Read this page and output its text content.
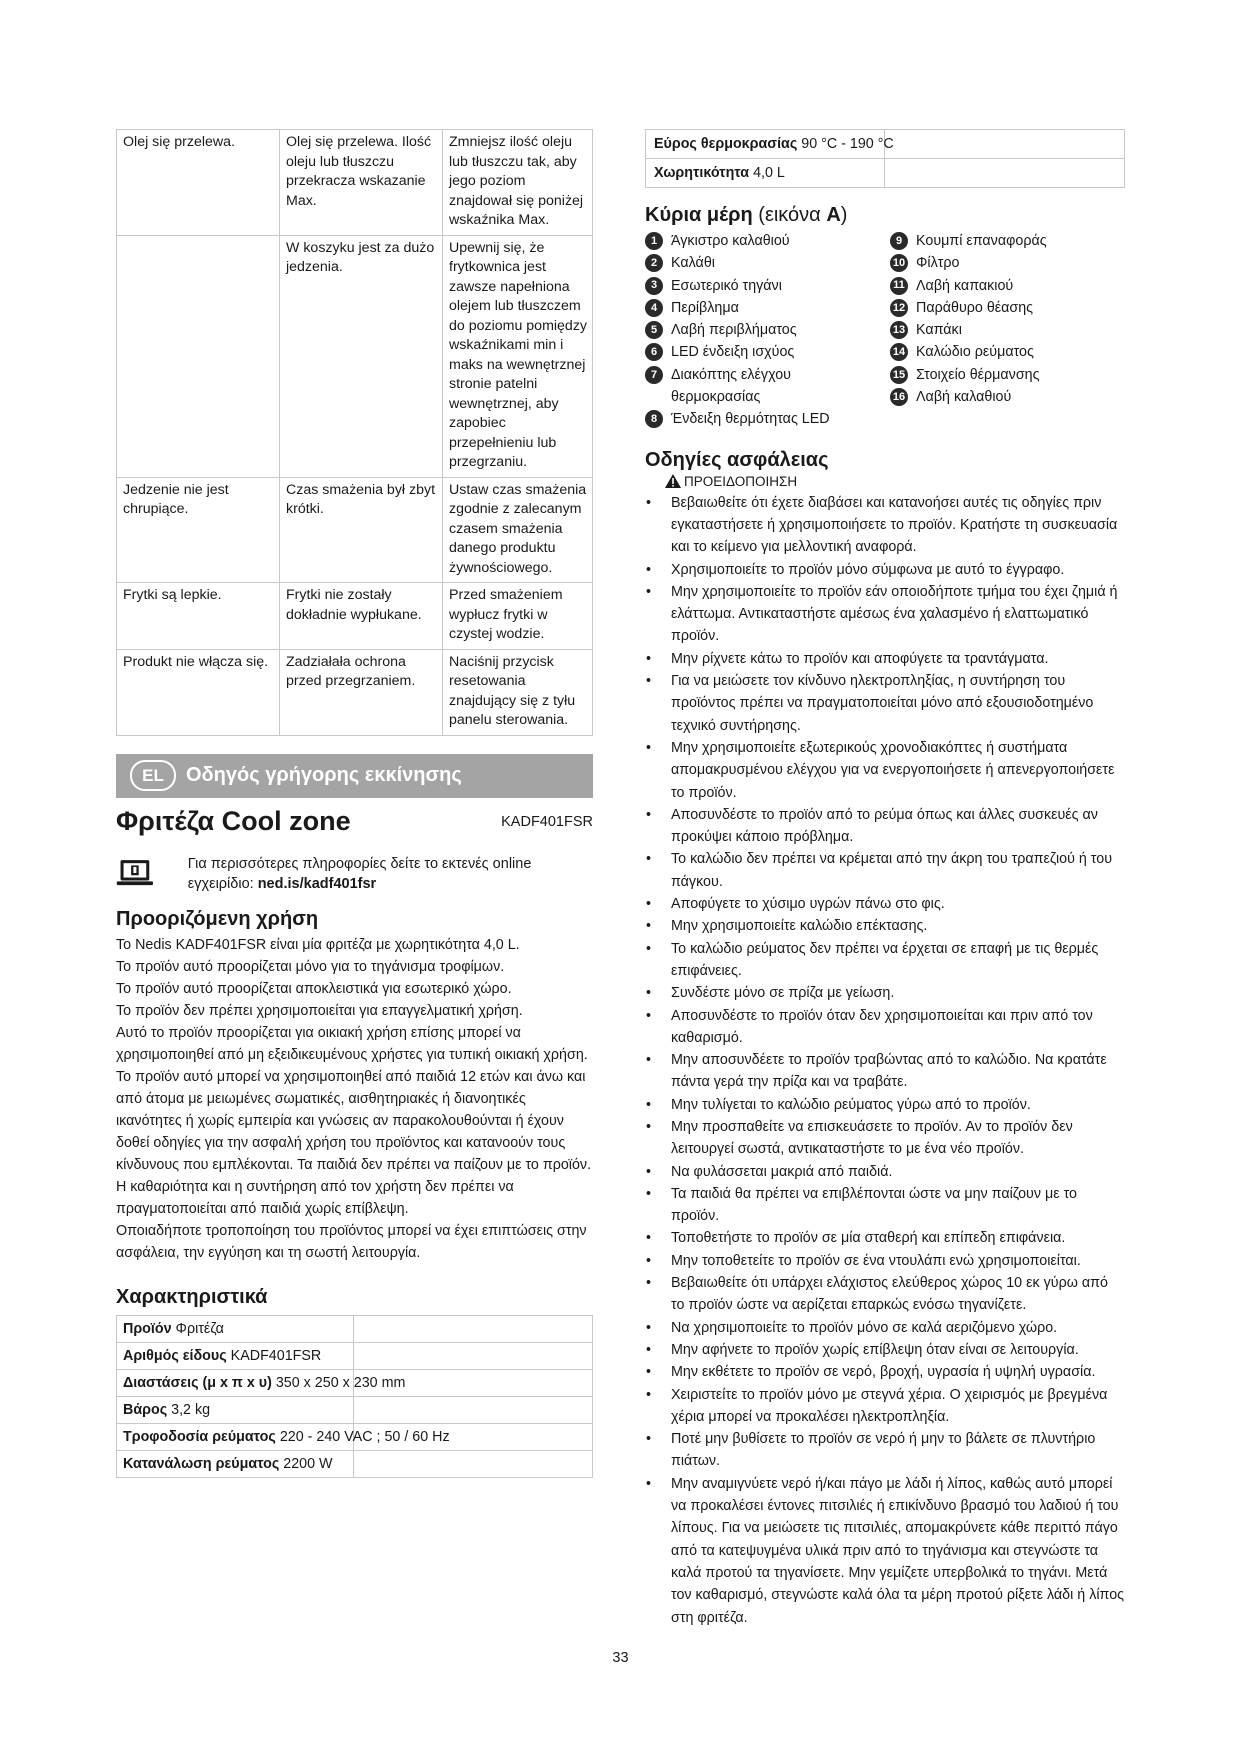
Olej się przelewa.	Olej się przelewa. Ilość oleju lub tłuszczu przekracza wskazanie Max.	Zmniejsz ilość oleju lub tłuszczu tak, aby jego poziom znajdował się poniżej wskaźnika Max.
	W koszyku jest za dużo jedzenia.	Upewnij się, że frytkownica jest zawsze napełniona olejem lub tłuszczem do poziomu pomiędzy wskaźnikami min i maks na wewnętrznej stronie patelni wewnętrznej, aby zapobiec przepełnieniu lub przegrzaniu.
Jedzenie nie jest chrupiące.	Czas smażenia był zbyt krótki.	Ustaw czas smażenia zgodnie z zalecanym czasem smażenia danego produktu żywnościowego.
Frytki są lepkie.	Frytki nie zostały dokładnie wypłukane.	Przed smażeniem wypłucz frytki w czystej wodzie.
Produkt nie włącza się.	Zadziałała ochrona przed przegrzaniem.	Naciśnij przycisk resetowania znajdujący się z tyłu panelu sterowania.
EL	Οδηγός γρήγορης εκκίνησης
Φριτέζα Cool zone	KADF401FSR
Για περισσότερες πληροφορίες δείτε το εκτενές online εγχειρίδιο: ned.is/kadf401fsr
Προοριζόμενη χρήση

Το Nedis KADF401FSR είναι μία φριτέζα με χωρητικότητα 4,0 L.

Το προϊόν αυτό προορίζεται μόνο για το τηγάνισμα τροφίμων.

Το προϊόν αυτό προορίζεται αποκλειστικά για εσωτερικό χώρο.

Το προϊόν δεν πρέπει χρησιμοποιείται για επαγγελματική χρήση.

Αυτό το προϊόν προορίζεται για οικιακή χρήση επίσης μπορεί να χρησιμοποιηθεί από μη εξειδικευμένους χρήστες για τυπική οικιακή χρήση.

Το προϊόν αυτό μπορεί να χρησιμοποιηθεί από παιδιά 12 ετών και άνω και από άτομα με μειωμένες σωματικές, αισθητηριακές ή διανοητικές ικανότητες ή χωρίς εμπειρία και γνώσεις αν παρακολουθούνται ή έχουν δοθεί οδηγίες για την ασφαλή χρήση του προϊόντος και κατανοούν τους κίνδυνους που εμπλέκονται. Τα παιδιά δεν πρέπει να παίζουν με το προϊόν. Η καθαριότητα και η συντήρηση από τον χρήστη δεν πρέπει να πραγματοποιείται από παιδιά χωρίς επίβλεψη.

Οποιαδήποτε τροποποίηση του προϊόντος μπορεί να έχει επιπτώσεις στην ασφάλεια, την εγγύηση και τη σωστή λειτουργία.

Χαρακτηριστικά
Προϊόν Φριτέζα	
Αριθμός είδους KADF401FSR	
Διαστάσεις (μ x π x υ) 350 x 250 x 230 mm	
Βάρος 3,2 kg	
Τροφοδοσία ρεύματος 220 - 240 VAC ; 50 / 60 Hz	
Κατανάλωση ρεύματος 2200 W	
Εύρος θερμοκρασίας 90 °C - 190 °C	
Χωρητικότητα 4,0 L	
Κύρια μέρη (εικόνα A)
1 Άγκιστρο καλαθιού
2 Καλάθι
3 Εσωτερικό τηγάνι
4 Περίβλημα
5 Λαβή περιβλήματος
6 LED ένδειξη ισχύος
7 Διακόπτης ελέγχου θερμοκρασίας
8 Ένδειξη θερμότητας LED
9 Κουμπί επαναφοράς
10 Φίλτρο
11 Λαβή καπακιού
12 Παράθυρο θέασης
13 Καπάκι
14 Καλώδιο ρεύματος
15 Στοιχείο θέρμανσης
16 Λαβή καλαθιού
Οδηγίες ασφάλειας
ΠΡΟΕΙΔΟΠΟΙΗΣΗ
• Βεβαιωθείτε ότι έχετε διαβάσει και κατανοήσει αυτές τις οδηγίες πριν εγκαταστήσετε ή χρησιμοποιήσετε το προϊόν. Κρατήστε τη συσκευασία και το κείμενο για μελλοντική αναφορά.
• Χρησιμοποιείτε το προϊόν μόνο σύμφωνα με αυτό το έγγραφο.
• Μην χρησιμοποιείτε το προϊόν εάν οποιοδήποτε τμήμα του έχει ζημιά ή ελάττωμα. Αντικαταστήστε αμέσως ένα χαλασμένο ή ελαττωματικό προϊόν.
• Μην ρίχνετε κάτω το προϊόν και αποφύγετε τα τραντάγματα.
• Για να μειώσετε τον κίνδυνο ηλεκτροπληξίας, η συντήρηση του προϊόντος πρέπει να πραγματοποιείται μόνο από εξουσιοδοτημένο τεχνικό συντήρησης.
• Μην χρησιμοποιείτε εξωτερικούς χρονοδιακόπτες ή συστήματα απομακρυσμένου ελέγχου για να ενεργοποιήσετε ή απενεργοποιήσετε το προϊόν.
• Αποσυνδέστε το προϊόν από το ρεύμα όπως και άλλες συσκευές αν προκύψει κάποιο πρόβλημα.
• Το καλώδιο δεν πρέπει να κρέμεται από την άκρη του τραπεζιού ή του πάγκου.
• Αποφύγετε το χύσιμο υγρών πάνω στο φις.
• Μην χρησιμοποιείτε καλώδιο επέκτασης.
• Το καλώδιο ρεύματος δεν πρέπει να έρχεται σε επαφή με τις θερμές επιφάνειες.
• Συνδέστε μόνο σε πρίζα με γείωση.
• Αποσυνδέστε το προϊόν όταν δεν χρησιμοποιείται και πριν από τον καθαρισμό.
• Μην αποσυνδέετε το προϊόν τραβώντας από το καλώδιο. Να κρατάτε πάντα γερά την πρίζα και να τραβάτε.
• Μην τυλίγεται το καλώδιο ρεύματος γύρω από το προϊόν.
• Μην προσπαθείτε να επισκευάσετε το προϊόν. Αν το προϊόν δεν λειτουργεί σωστά, αντικαταστήστε το με ένα νέο προϊόν.
• Να φυλάσσεται μακριά από παιδιά.
• Τα παιδιά θα πρέπει να επιβλέπονται ώστε να μην παίζουν με το προϊόν.
• Τοποθετήστε το προϊόν σε μία σταθερή και επίπεδη επιφάνεια.
• Μην τοποθετείτε το προϊόν σε ένα ντουλάπι ενώ χρησιμοποιείται.
• Βεβαιωθείτε ότι υπάρχει ελάχιστος ελεύθερος χώρος 10 εκ γύρω από το προϊόν ώστε να αερίζεται επαρκώς ενόσω τηγανίζετε.
• Να χρησιμοποιείτε το προϊόν μόνο σε καλά αεριζόμενο χώρο.
• Μην αφήνετε το προϊόν χωρίς επίβλεψη όταν είναι σε λειτουργία.
• Μην εκθέτετε το προϊόν σε νερό, βροχή, υγρασία ή υψηλή υγρασία.
• Χειριστείτε το προϊόν μόνο με στεγνά χέρια. Ο χειρισμός με βρεγμένα χέρια μπορεί να προκαλέσει ηλεκτροπληξία.
• Ποτέ μην βυθίσετε το προϊόν σε νερό ή μην το βάλετε σε πλυντήριο πιάτων.
• Μην αναμιγνύετε νερό ή/και πάγο με λάδι ή λίπος, καθώς αυτό μπορεί να προκαλέσει έντονες πιτσιλιές ή επικίνδυνο βρασμό του λαδιού ή του λίπους. Για να μειώσετε τις πιτσιλιές, απομακρύνετε κάθε περιττό πάγο από τα κατεψυγμένα υλικά πριν από το τηγάνισμα και στεγνώστε τα καλά προτού τα τηγανίσετε. Μην γεμίζετε υπερβολικά το τηγάνι. Μετά τον καθαρισμό, στεγνώστε καλά όλα τα μέρη προτού ρίξετε λάδι ή λίπος στη φριτέζα.
33
